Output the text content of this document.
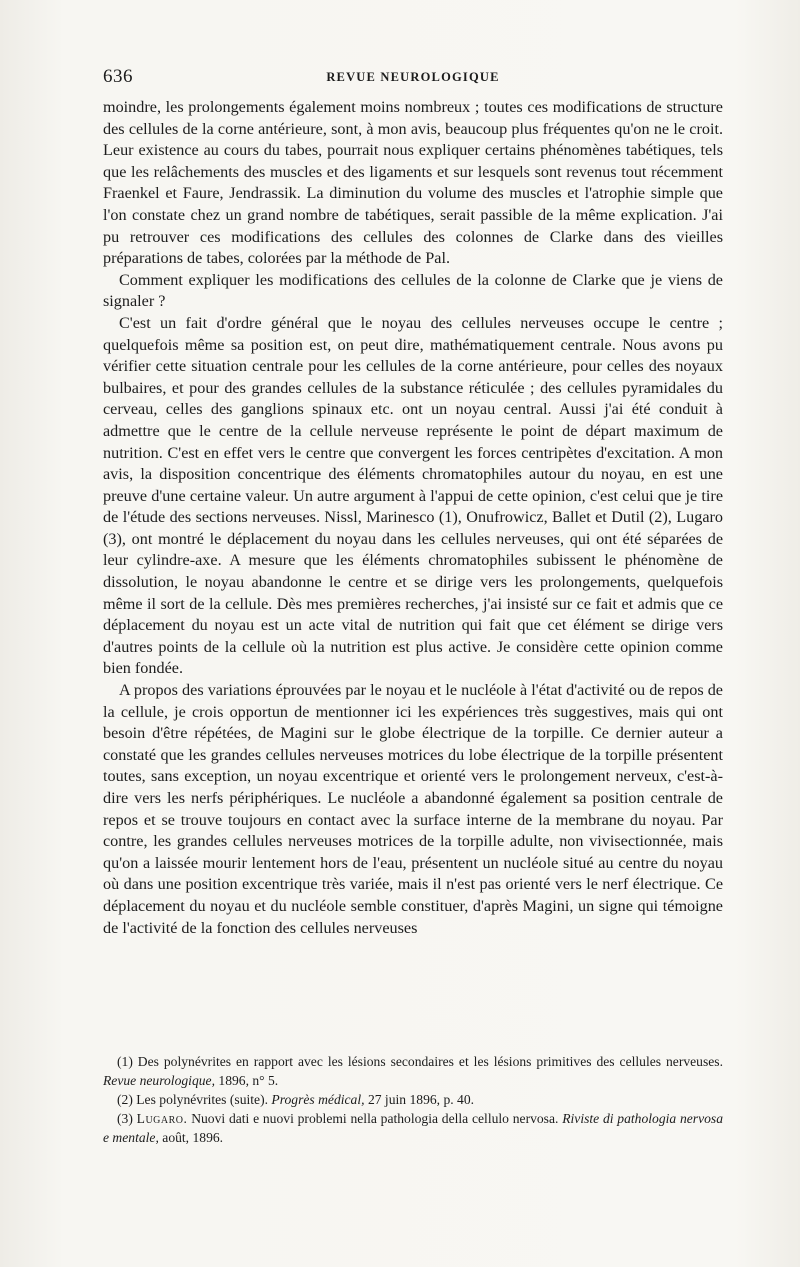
636	REVUE NEUROLOGIQUE

moindre, les prolongements également moins nombreux ; toutes ces modifications de structure des cellules de la corne antérieure, sont, à mon avis, beaucoup plus fréquentes qu'on ne le croit. Leur existence au cours du tabes, pourrait nous expliquer certains phénomènes tabétiques, tels que les relâchements des muscles et des ligaments et sur lesquels sont revenus tout récemment Fraenkel et Faure, Jendrassik. La diminution du volume des muscles et l'atrophie simple que l'on constate chez un grand nombre de tabétiques, serait passible de la même explication. J'ai pu retrouver ces modifications des cellules des colonnes de Clarke dans des vieilles préparations de tabes, colorées par la méthode de Pal.

Comment expliquer les modifications des cellules de la colonne de Clarke que je viens de signaler ?

C'est un fait d'ordre général que le noyau des cellules nerveuses occupe le centre ; quelquefois même sa position est, on peut dire, mathématiquement centrale. Nous avons pu vérifier cette situation centrale pour les cellules de la corne antérieure, pour celles des noyaux bulbaires, et pour des grandes cellules de la substance réticulée ; des cellules pyramidales du cerveau, celles des ganglions spinaux etc. ont un noyau central. Aussi j'ai été conduit à admettre que le centre de la cellule nerveuse représente le point de départ maximum de nutrition. C'est en effet vers le centre que convergent les forces centripètes d'excitation. A mon avis, la disposition concentrique des éléments chromatophiles autour du noyau, en est une preuve d'une certaine valeur. Un autre argument à l'appui de cette opinion, c'est celui que je tire de l'étude des sections nerveuses. Nissl, Marinesco (1), Onufrowicz, Ballet et Dutil (2), Lugaro (3), ont montré le déplacement du noyau dans les cellules nerveuses, qui ont été séparées de leur cylindre-axe. A mesure que les éléments chromatophiles subissent le phénomène de dissolution, le noyau abandonne le centre et se dirige vers les prolongements, quelquefois même il sort de la cellule. Dès mes premières recherches, j'ai insisté sur ce fait et admis que ce déplacement du noyau est un acte vital de nutrition qui fait que cet élément se dirige vers d'autres points de la cellule où la nutrition est plus active. Je considère cette opinion comme bien fondée.

A propos des variations éprouvées par le noyau et le nucléole à l'état d'activité ou de repos de la cellule, je crois opportun de mentionner ici les expériences très suggestives, mais qui ont besoin d'être répétées, de Magini sur le globe électrique de la torpille. Ce dernier auteur a constaté que les grandes cellules nerveuses motrices du lobe électrique de la torpille présentent toutes, sans exception, un noyau excentrique et orienté vers le prolongement nerveux, c'est-à-dire vers les nerfs périphériques. Le nucléole a abandonné également sa position centrale de repos et se trouve toujours en contact avec la surface interne de la membrane du noyau. Par contre, les grandes cellules nerveuses motrices de la torpille adulte, non vivisectionnée, mais qu'on a laissée mourir lentement hors de l'eau, présentent un nucléole situé au centre du noyau où dans une position excentrique très variée, mais il n'est pas orienté vers le nerf électrique. Ce déplacement du noyau et du nucléole semble constituer, d'après Magini, un signe qui témoigne de l'activité de la fonction des cellules nerveuses

(1) Des polynévrites en rapport avec les lésions secondaires et les lésions primitives des cellules nerveuses. Revue neurologique, 1896, n° 5.

(2) Les polynévrites (suite). Progrès médical, 27 juin 1896, p. 40.

(3) Lugaro. Nuovi dati e nuovi problemi nella pathologia della cellulo nervosa. Riviste di pathologia nervosa e mentale, août, 1896.
